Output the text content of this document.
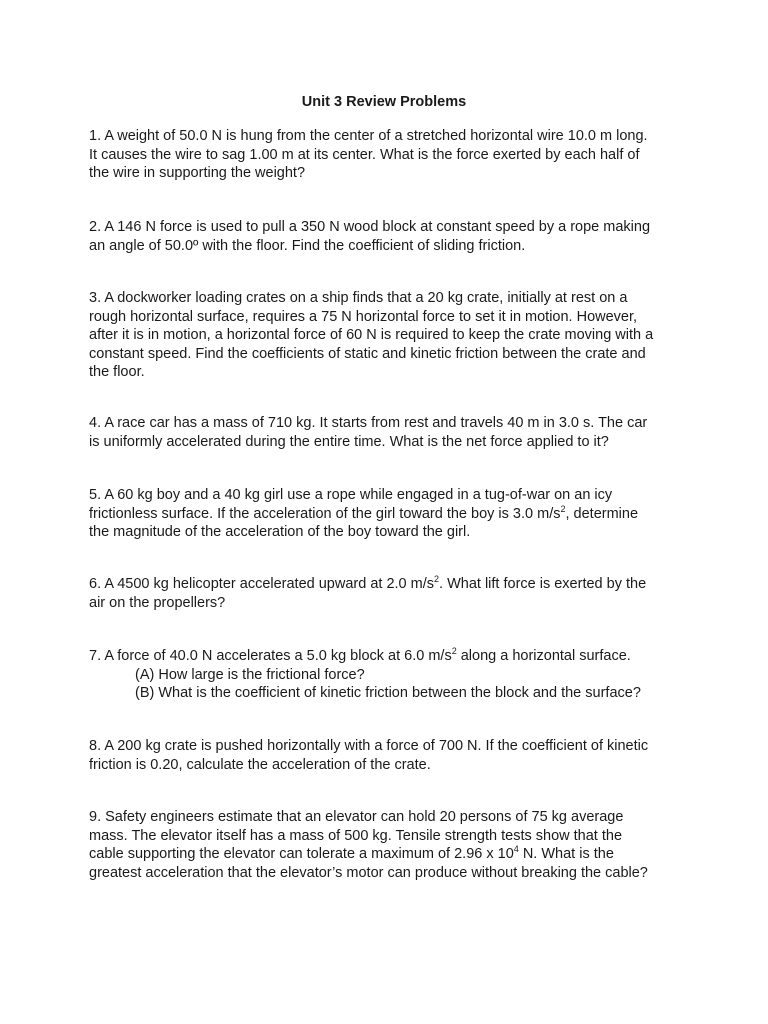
Unit 3 Review Problems
1. A weight of 50.0 N is hung from the center of a stretched horizontal wire 10.0 m long.
It causes the wire to sag 1.00 m at its center. What is the force exerted by each half of
the wire in supporting the weight?
2. A 146 N force is used to pull a 350 N wood block at constant speed by a rope making
an angle of 50.0º with the floor. Find the coefficient of sliding friction.
3. A dockworker loading crates on a ship finds that a 20 kg crate, initially at rest on a
rough horizontal surface, requires a 75 N horizontal force to set it in motion. However,
after it is in motion, a horizontal force of 60 N is required to keep the crate moving with a
constant speed. Find the coefficients of static and kinetic friction between the crate and
the floor.
4. A race car has a mass of 710 kg. It starts from rest and travels 40 m in 3.0 s. The car
is uniformly accelerated during the entire time. What is the net force applied to it?
5. A 60 kg boy and a 40 kg girl use a rope while engaged in a tug-of-war on an icy
frictionless surface. If the acceleration of the girl toward the boy is 3.0 $m/s^2$, determine
the magnitude of the acceleration of the boy toward the girl.
6. A 4500 kg helicopter accelerated upward at 2.0 $m/s^2$. What lift force is exerted by the
air on the propellers?
7. A force of 40.0 N accelerates a 5.0 kg block at 6.0 $m/s^2$ along a horizontal surface.
(A) How large is the frictional force?
(B) What is the coefficient of kinetic friction between the block and the surface?
8. A 200 kg crate is pushed horizontally with a force of 700 N. If the coefficient of kinetic
friction is 0.20, calculate the acceleration of the crate.
9. Safety engineers estimate that an elevator can hold 20 persons of 75 kg average
mass. The elevator itself has a mass of 500 kg. Tensile strength tests show that the
cable supporting the elevator can tolerate a maximum of 2.96 x $10^4$ N. What is the
greatest acceleration that the elevator’s motor can produce without breaking the cable?
